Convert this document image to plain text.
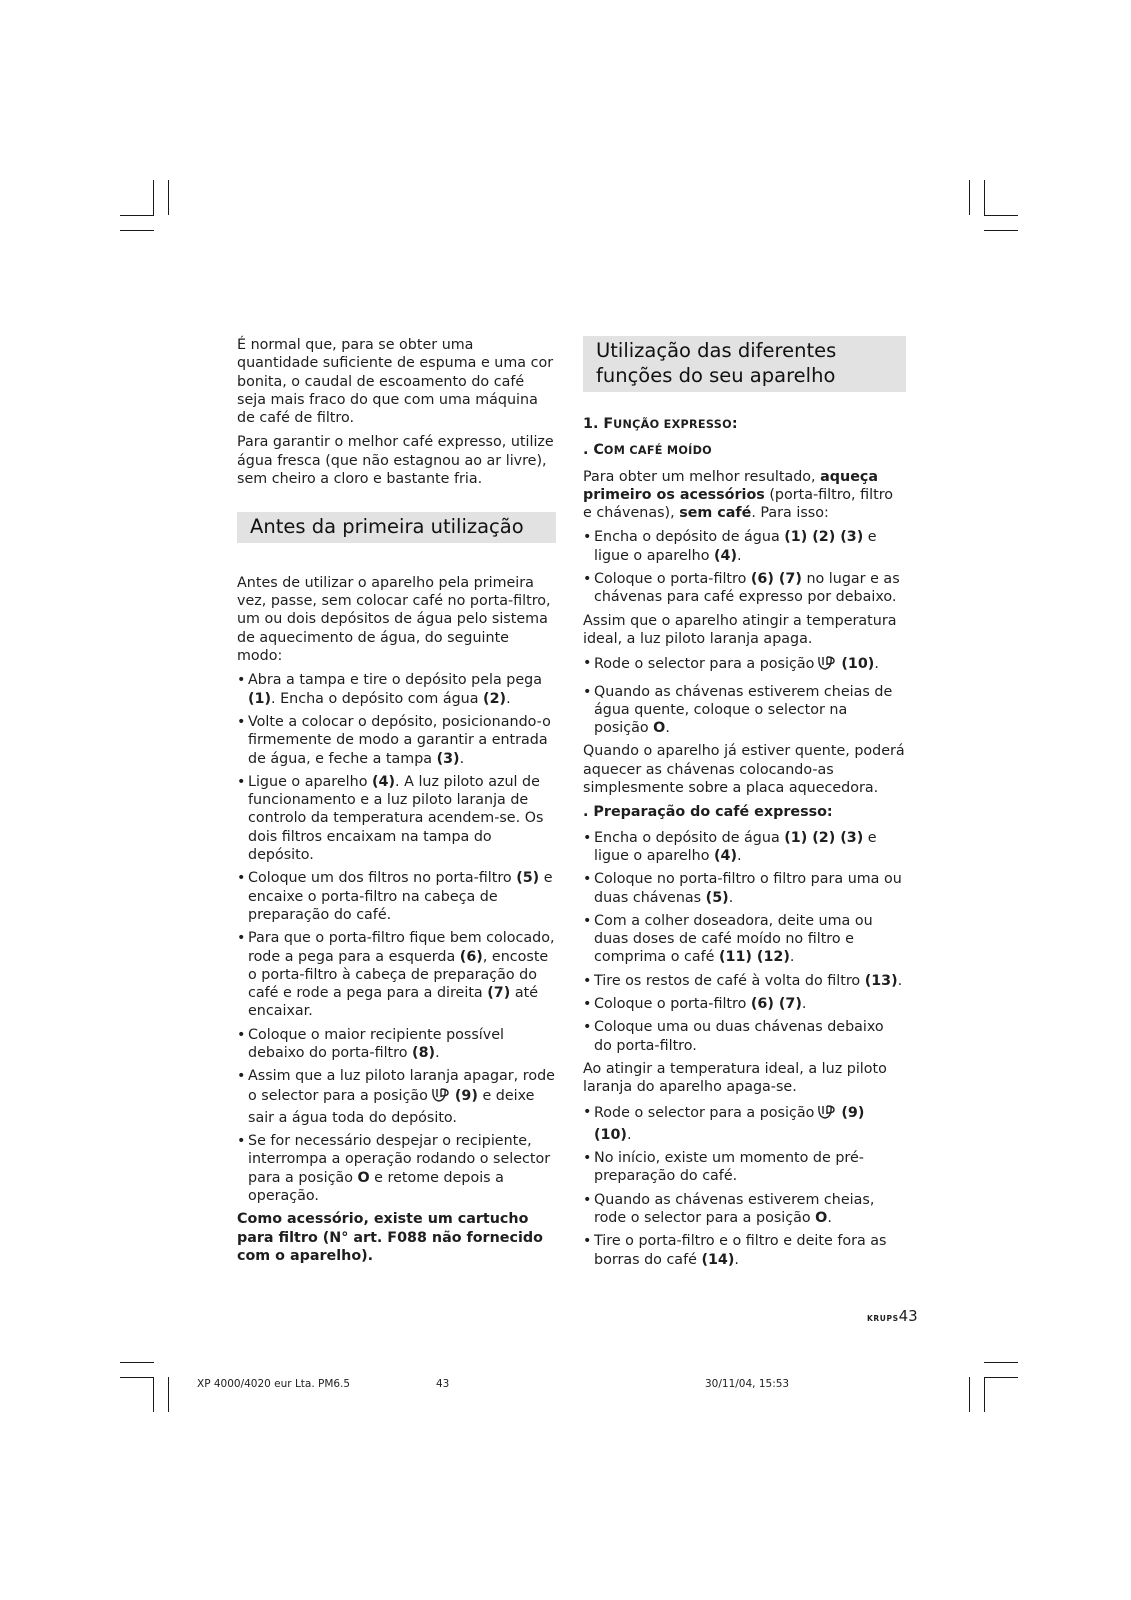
É normal que, para se obter uma quantidade suficiente de espuma e uma cor bonita, o caudal de escoamento do café seja mais fraco do que com uma máquina de café de filtro.

Para garantir o melhor café expresso, utilize água fresca (que não estagnou ao ar livre), sem cheiro a cloro e bastante fria.

Antes da primeira utilização

Antes de utilizar o aparelho pela primeira vez, passe, sem colocar café no porta-filtro, um ou dois depósitos de água pelo sistema de aquecimento de água, do seguinte modo:

• Abra a tampa e tire o depósito pela pega (1). Encha o depósito com água (2).
• Volte a colocar o depósito, posicionando-o firmemente de modo a garantir a entrada de água, e feche a tampa (3).
• Ligue o aparelho (4). A luz piloto azul de funcionamento e a luz piloto laranja de controlo da temperatura acendem-se. Os dois filtros encaixam na tampa do depósito.
• Coloque um dos filtros no porta-filtro (5) e encaixe o porta-filtro na cabeça de preparação do café.
• Para que o porta-filtro fique bem colocado, rode a pega para a esquerda (6), encoste o porta-filtro à cabeça de preparação do café e rode a pega para a direita (7) até encaixar.
• Coloque o maior recipiente possível debaixo do porta-filtro (8).
• Assim que a luz piloto laranja apagar, rode o selector para a posição (9) e deixe sair a água toda do depósito.
• Se for necessário despejar o recipiente, interrompa a operação rodando o selector para a posição O e retome depois a operação.

Como acessório, existe um cartucho para filtro (N° art. F088 não fornecido com o aparelho).

Utilização das diferentes
funções do seu aparelho
1. FUNÇÃO EXPRESSO:
. COM CAFÉ MOÍDO

Para obter um melhor resultado, aqueça primeiro os acessórios (porta-filtro, filtro e chávenas), sem café. Para isso:

• Encha o depósito de água (1) (2) (3) e ligue o aparelho (4).
• Coloque o porta-filtro (6) (7) no lugar e as chávenas para café expresso por debaixo.

Assim que o aparelho atingir a temperatura ideal, a luz piloto laranja apaga.

• Rode o selector para a posição (10).
• Quando as chávenas estiverem cheias de água quente, coloque o selector na posição O.

Quando o aparelho já estiver quente, poderá aquecer as chávenas colocando-as simplesmente sobre a placa aquecedora.

. Preparação do café expresso:
• Encha o depósito de água (1) (2) (3) e ligue o aparelho (4).
• Coloque no porta-filtro o filtro para uma ou duas chávenas (5).
• Com a colher doseadora, deite uma ou duas doses de café moído no filtro e comprima o café (11) (12).
• Tire os restos de café à volta do filtro (13).
• Coloque o porta-filtro (6) (7).
• Coloque uma ou duas chávenas debaixo do porta-filtro.

Ao atingir a temperatura ideal, a luz piloto laranja do aparelho apaga-se.

• Rode o selector para a posição (9) (10).
• No início, existe um momento de pré-preparação do café.
• Quando as chávenas estiverem cheias, rode o selector para a posição O.
• Tire o porta-filtro e o filtro e deite fora as borras do café (14).
KRUPS43
XP 4000/4020 eur Lta. PM6.5	43	30/11/04, 15:53
